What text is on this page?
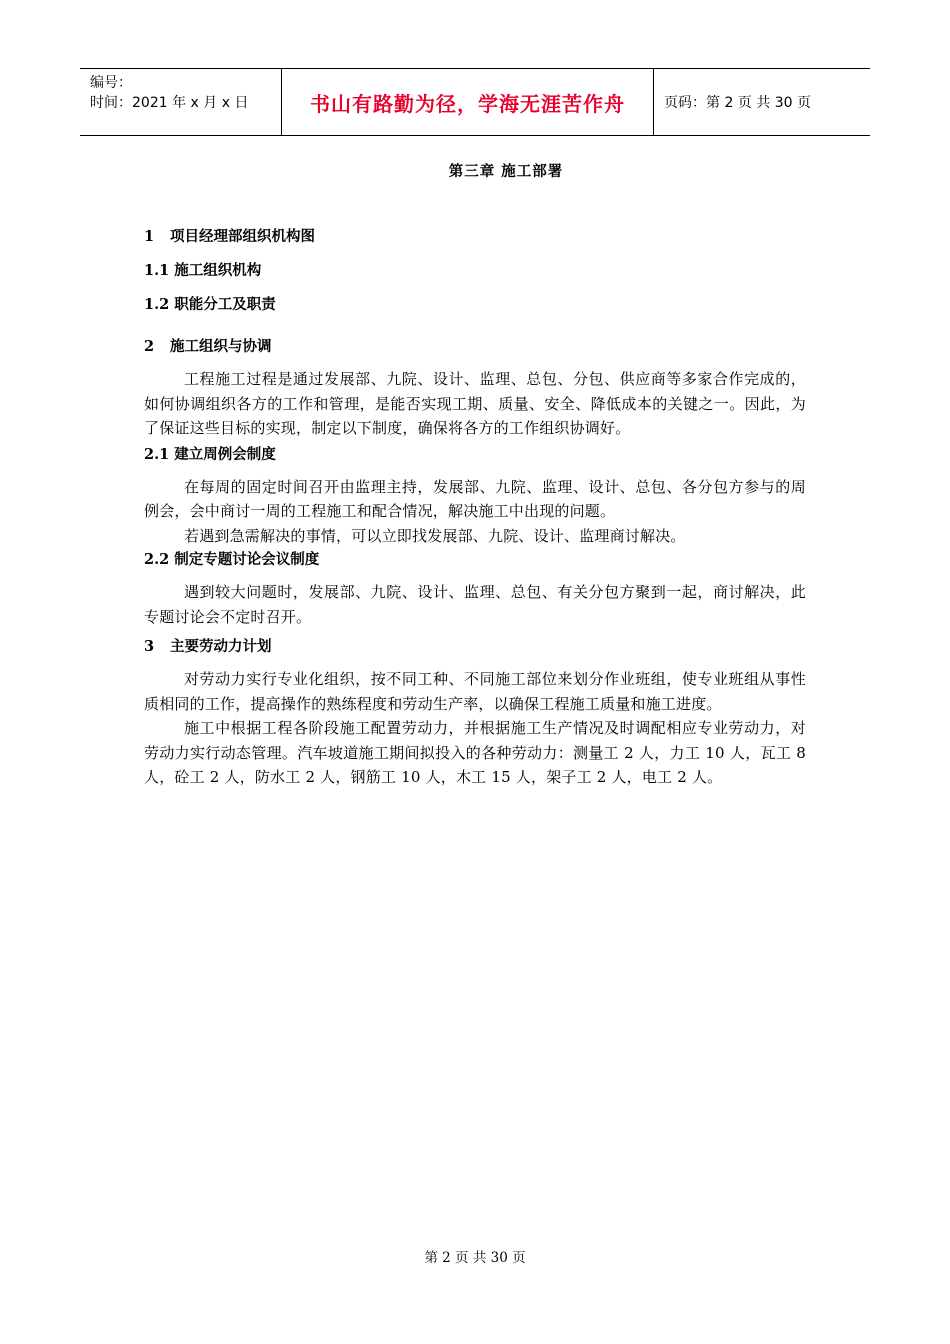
编号：
时间：2021 年 x 月 x 日	书山有路勤为径，学海无涯苦作舟	页码：第 2 页 共 30 页
第三章 施工部署
1 项目经理部组织机构图
1.1 施工组织机构
1.2 职能分工及职责
2 施工组织与协调

工程施工过程是通过发展部、九院、设计、监理、总包、分包、供应商等多家合作完成的，如何协调组织各方的工作和管理，是能否实现工期、质量、安全、降低成本的关键之一。因此，为了保证这些目标的实现，制定以下制度，确保将各方的工作组织协调好。

2.1 建立周例会制度

在每周的固定时间召开由监理主持，发展部、九院、监理、设计、总包、各分包方参与的周例会，会中商讨一周的工程施工和配合情况，解决施工中出现的问题。

若遇到急需解决的事情，可以立即找发展部、九院、设计、监理商讨解决。

2.2 制定专题讨论会议制度

遇到较大问题时，发展部、九院、设计、监理、总包、有关分包方聚到一起，商讨解决，此专题讨论会不定时召开。

3 主要劳动力计划

对劳动力实行专业化组织，按不同工种、不同施工部位来划分作业班组，使专业班组从事性质相同的工作，提高操作的熟练程度和劳动生产率，以确保工程施工质量和施工进度。

施工中根据工程各阶段施工配置劳动力，并根据施工生产情况及时调配相应专业劳动力，对劳动力实行动态管理。汽车坡道施工期间拟投入的各种劳动力：测量工 2 人，力工 10 人，瓦工 8 人，砼工 2 人，防水工 2 人，钢筋工 10 人，木工 15 人，架子工 2 人，电工 2 人。

第 2 页 共 30 页
